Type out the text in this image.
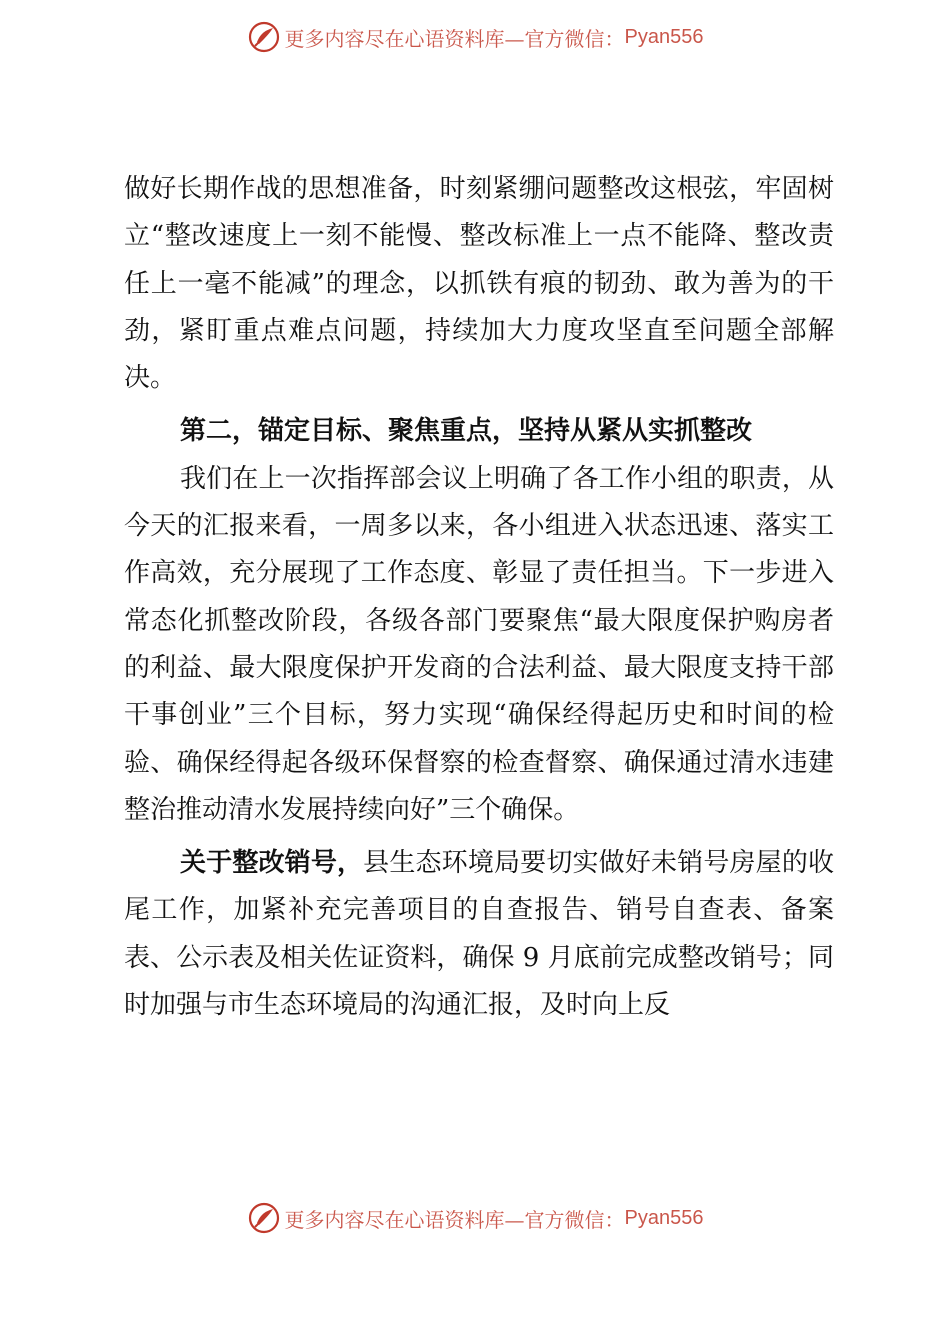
更多内容尽在心语资料库—官方微信： Pyan556

做好长期作战的思想准备，时刻紧绷问题整改这根弦，牢固树立“整改速度上一刻不能慢、整改标准上一点不能降、整改责任上一毫不能减”的理念，以抓铁有痕的韧劲、敢为善为的干劲，紧盯重点难点问题，持续加大力度攻坚直至问题全部解决。

第二，锚定目标、聚焦重点，坚持从紧从实抓整改

我们在上一次指挥部会议上明确了各工作小组的职责，从今天的汇报来看，一周多以来，各小组进入状态迅速、落实工作高效，充分展现了工作态度、彰显了责任担当。下一步进入常态化抓整改阶段，各级各部门要聚焦“最大限度保护购房者的利益、最大限度保护开发商的合法利益、最大限度支持干部干事创业”三个目标，努力实现“确保经得起历史和时间的检验、确保经得起各级环保督察的检查督察、确保通过清水违建整治推动清水发展持续向好”三个确保。

关于整改销号，县生态环境局要切实做好未销号房屋的收尾工作，加紧补充完善项目的自查报告、销号自查表、备案表、公示表及相关佐证资料，确保 9 月底前完成整改销号；同时加强与市生态环境局的沟通汇报，及时向上反

更多内容尽在心语资料库—官方微信： Pyan556
